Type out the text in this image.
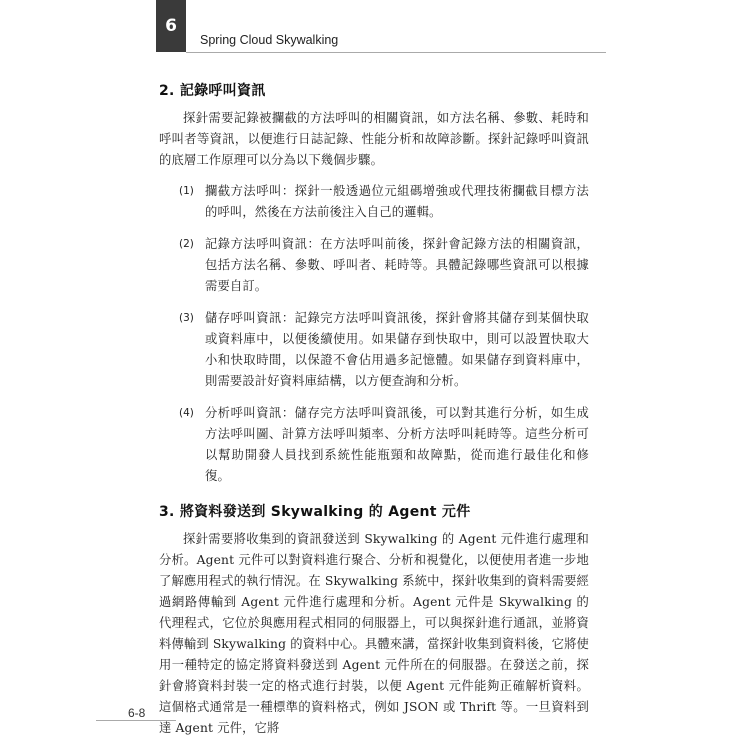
6
Spring Cloud Skywalking
2. 記錄呼叫資訊

探針需要記錄被攔截的方法呼叫的相關資訊，如方法名稱、參數、耗時和呼叫者等資訊，以便進行日誌記錄、性能分析和故障診斷。探針記錄呼叫資訊的底層工作原理可以分為以下幾個步驟。

(1) 攔截方法呼叫：探針一般透過位元組碼增強或代理技術攔截目標方法的呼叫，然後在方法前後注入自己的邏輯。
(2) 記錄方法呼叫資訊：在方法呼叫前後，探針會記錄方法的相關資訊，包括方法名稱、參數、呼叫者、耗時等。具體記錄哪些資訊可以根據需要自訂。
(3) 儲存呼叫資訊：記錄完方法呼叫資訊後，探針會將其儲存到某個快取或資料庫中，以便後續使用。如果儲存到快取中，則可以設置快取大小和快取時間，以保證不會佔用過多記憶體。如果儲存到資料庫中，則需要設計好資料庫結構，以方便查詢和分析。
(4) 分析呼叫資訊：儲存完方法呼叫資訊後，可以對其進行分析，如生成方法呼叫圖、計算方法呼叫頻率、分析方法呼叫耗時等。這些分析可以幫助開發人員找到系統性能瓶頸和故障點，從而進行最佳化和修復。
3. 將資料發送到 Skywalking 的 Agent 元件

探針需要將收集到的資訊發送到 Skywalking 的 Agent 元件進行處理和分析。Agent 元件可以對資料進行聚合、分析和視覺化，以便使用者進一步地了解應用程式的執行情況。在 Skywalking 系統中，探針收集到的資料需要經過網路傳輸到 Agent 元件進行處理和分析。Agent 元件是 Skywalking 的代理程式，它位於與應用程式相同的伺服器上，可以與探針進行通訊，並將資料傳輸到 Skywalking 的資料中心。具體來講，當探針收集到資料後，它將使用一種特定的協定將資料發送到 Agent 元件所在的伺服器。在發送之前，探針會將資料封裝一定的格式進行封裝，以便 Agent 元件能夠正確解析資料。這個格式通常是一種標準的資料格式，例如 JSON 或 Thrift 等。一旦資料到達 Agent 元件，它將

6-8
